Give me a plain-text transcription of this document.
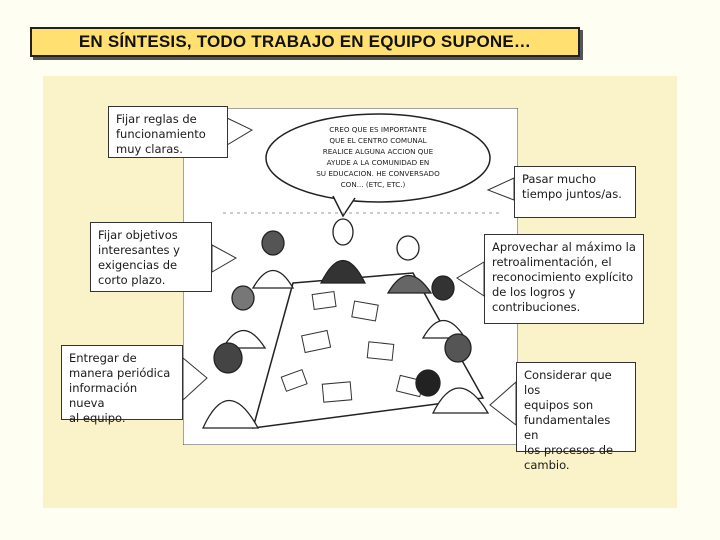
EN SÍNTESIS, TODO TRABAJO EN EQUIPO SUPONE…
CREO QUE ES IMPORTANTE
QUE EL CENTRO COMUNAL
REALICE ALGUNA ACCION QUE
AYUDE A LA COMUNIDAD EN
SU EDUCACION. HE CONVERSADO
CON... (ETC, ETC.)
Fijar reglas de
funcionamiento
muy claras.
Pasar mucho
tiempo juntos/as.
Fijar objetivos
interesantes y
exigencias de
corto plazo.
Aprovechar al máximo la
retroalimentación, el
reconocimiento explícito
de los logros y
contribuciones.
Entregar de
manera periódica
información nueva
al equipo.
Considerar que los
equipos son
fundamentales en
los procesos de
cambio.
